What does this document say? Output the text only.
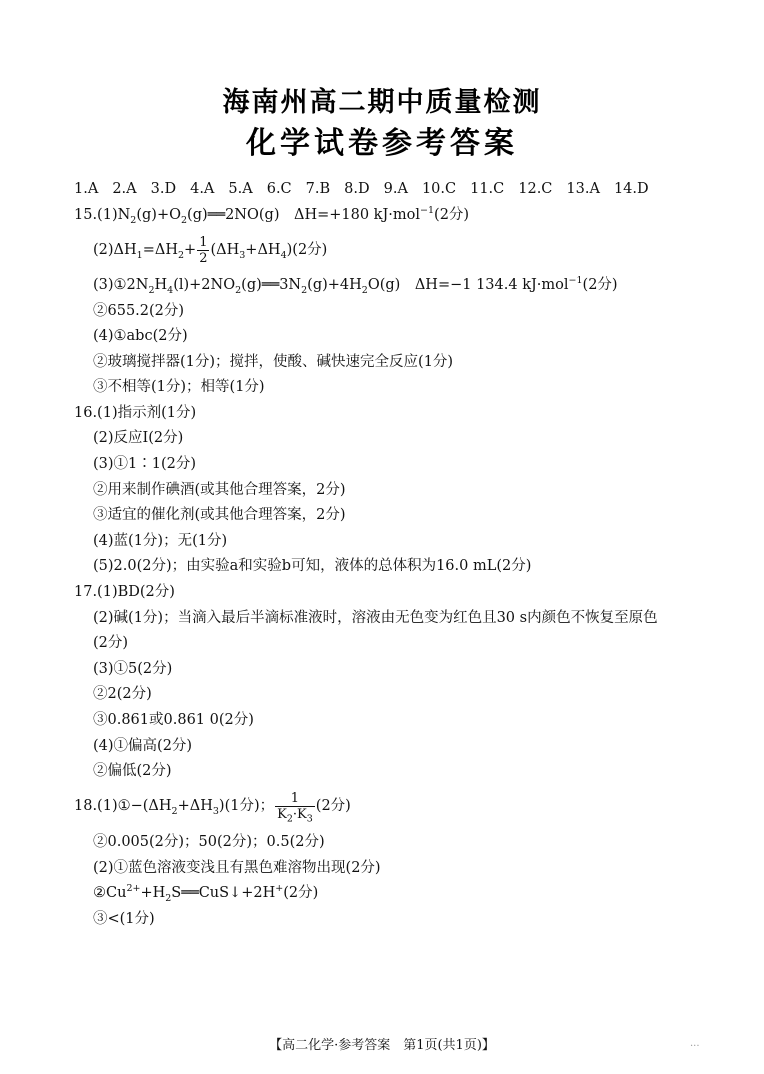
海南州高二期中质量检测
化学试卷参考答案
1.A 2.A 3.D 4.A 5.A 6.C 7.B 8.D 9.A 10.C 11.C 12.C 13.A 14.D
$15.(1)N_2(g)+O_2(g)══2NO(g)$　ΔH=+180 kJ·mol$^{-1}$(2分)
$(2)\Delta H_1=\Delta H_2+ \frac{1}{2} (\Delta H_3+\Delta H_4)(2$分)
$(3)①2N_2H_4(l)+2NO_2(g)══3N_2(g)+4H_2O(g)$　ΔH=−1 134.4 kJ·mol$^{-1}$(2分)
②655.2(2分)
(4)①abc(2分)
②玻璃搅拌器(1分)；搅拌，使酸、碱快速完全反应(1分)
③不相等(1分)；相等(1分)
16.(1)指示剂(1分)
(2)反应Ⅰ(2分)
(3)①1∶1(2分)
②用来制作碘酒(或其他合理答案，2分)
③适宜的催化剂(或其他合理答案，2分)
(4)蓝(1分)；无(1分)
(5)2.0(2分)；由实验a和实验b可知，液体的总体积为16.0 mL(2分)
17.(1)BD(2分)
(2)碱(1分)；当滴入最后半滴标准液时，溶液由无色变为红色且30 s内颜色不恢复至原色
(2分)
(3)①5(2分)
②2(2分)
③0.861或0.861 0(2分)
(4)①偏高(2分)
②偏低(2分)
$18.(1)①-(\Delta H_2+\Delta H_3)(1$分)； $\frac{1}{K_2\cdot K_3} (2$分)
②0.005(2分)；50(2分)；0.5(2分)
(2)①蓝色溶液变浅且有黑色难溶物出现(2分)
$②Cu^{2+}+H_2S══CuS↓+2H^+(2$分)
③<(1分)
【高二化学·参考答案　第1页(共1页)】	...
